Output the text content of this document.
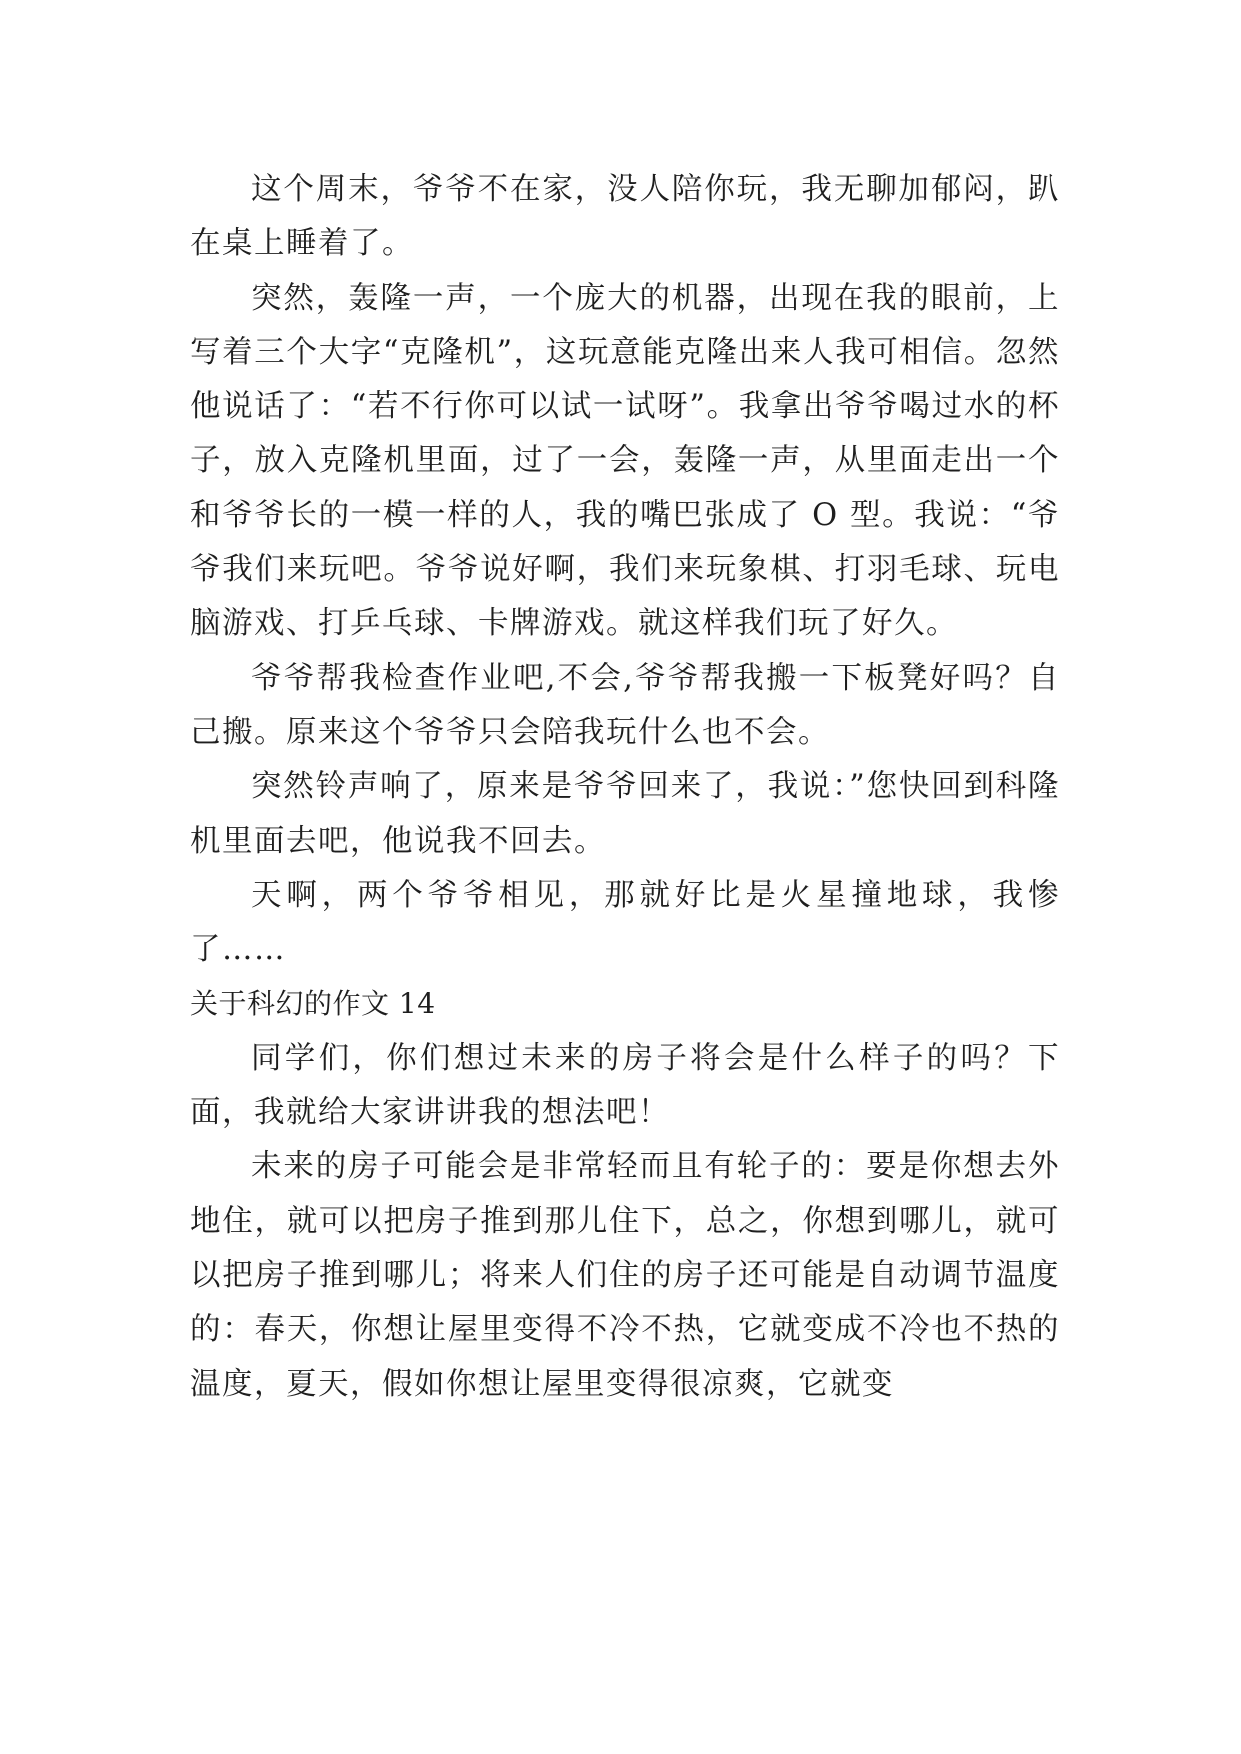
这个周末，爷爷不在家，没人陪你玩，我无聊加郁闷，趴在桌上睡着了。

突然，轰隆一声，一个庞大的机器，出现在我的眼前，上写着三个大字“克隆机”，这玩意能克隆出来人我可相信。忽然他说话了：“若不行你可以试一试呀”。我拿出爷爷喝过水的杯子，放入克隆机里面，过了一会，轰隆一声，从里面走出一个和爷爷长的一模一样的人，我的嘴巴张成了 O 型。我说：“爷爷我们来玩吧。爷爷说好啊，我们来玩象棋、打羽毛球、玩电脑游戏、打乒乓球、卡牌游戏。就这样我们玩了好久。

爷爷帮我检查作业吧,不会,爷爷帮我搬一下板凳好吗？自己搬。原来这个爷爷只会陪我玩什么也不会。

突然铃声响了，原来是爷爷回来了，我说：”您快回到科隆机里面去吧，他说我不回去。

天啊，两个爷爷相见，那就好比是火星撞地球，我惨了……

关于科幻的作文 14

同学们，你们想过未来的房子将会是什么样子的吗？下面，我就给大家讲讲我的想法吧！

未来的房子可能会是非常轻而且有轮子的：要是你想去外地住，就可以把房子推到那儿住下，总之，你想到哪儿，就可以把房子推到哪儿；将来人们住的房子还可能是自动调节温度的：春天，你想让屋里变得不冷不热，它就变成不冷也不热的温度，夏天，假如你想让屋里变得很凉爽，它就变
